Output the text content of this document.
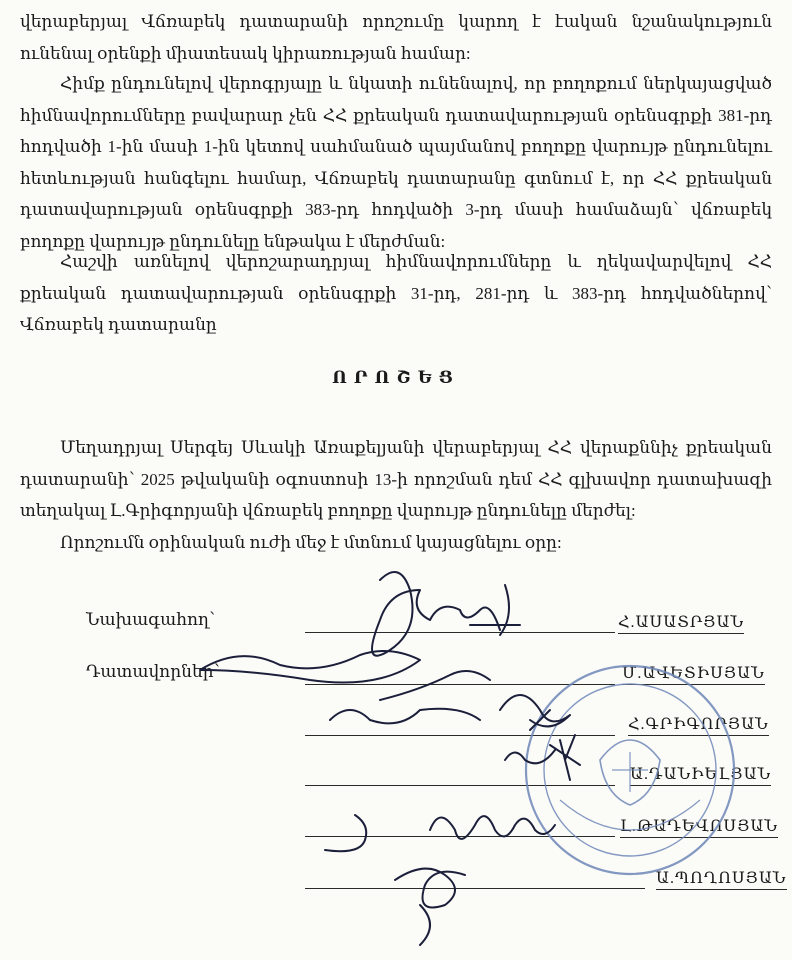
վերաբերյալ Վճռաբեկ դատարանի որոշումը կարող է էական նշանակություն
ունենալ օրենքի միատեսակ կիրառության համար:
Հիմք ընդունելով վերոգրյալը և նկատի ունենալով, որ բողոքում ներկայացված
հիմնավորումները բավարար չեն ՀՀ քրեական դատավարության օրենսգրքի 381-րդ
հոդվածի 1-ին մասի 1-ին կետով սահմանած պայմանով բողոքը վարույթ ընդունելու
հետևության հանգելու համար, Վճռաբեկ դատարանը գտնում է, որ ՀՀ քրեական
դատավարության օրենսգրքի 383-րդ հոդվածի 3-րդ մասի համաձայն՝ վճռաբեկ
բողոքը վարույթ ընդունելը ենթակա է մերժման:
Հաշվի առնելով վերոշարադրյալ հիմնավորումները և ղեկավարվելով ՀՀ
քրեական դատավարության օրենսգրքի 31-րդ, 281-րդ և 383-րդ հոդվածներով՝
Վճռաբեկ դատարանը
ՈՐՈՇԵՑ
Մեղադրյալ Սերգեյ Սևակի Առաքելյանի վերաբերյալ ՀՀ վերաքննիչ քրեական
դատարանի՝ 2025 թվականի օգոստոսի 13-ի որոշման դեմ ՀՀ գլխավոր դատախազի
տեղակալ Լ.Գրիգորյանի վճռաբեկ բողոքը վարույթ ընդունելը մերժել:
Որոշումն օրինական ուժի մեջ է մտնում կայացնելու օրը:
Նախագահող՝
Դատավորներ՝
Հ.ԱՍԱՏՐՅԱՆ
Մ.ԱՎԵՏԻՍՅԱՆ
Հ.ԳՐԻԳՈՐՅԱՆ
Ա.ԴԱՆԻԵԼՅԱՆ
Լ.ԹԱԴԵՎՈՍՅԱՆ
Ա.ՊՈՂՈՍՅԱՆ
